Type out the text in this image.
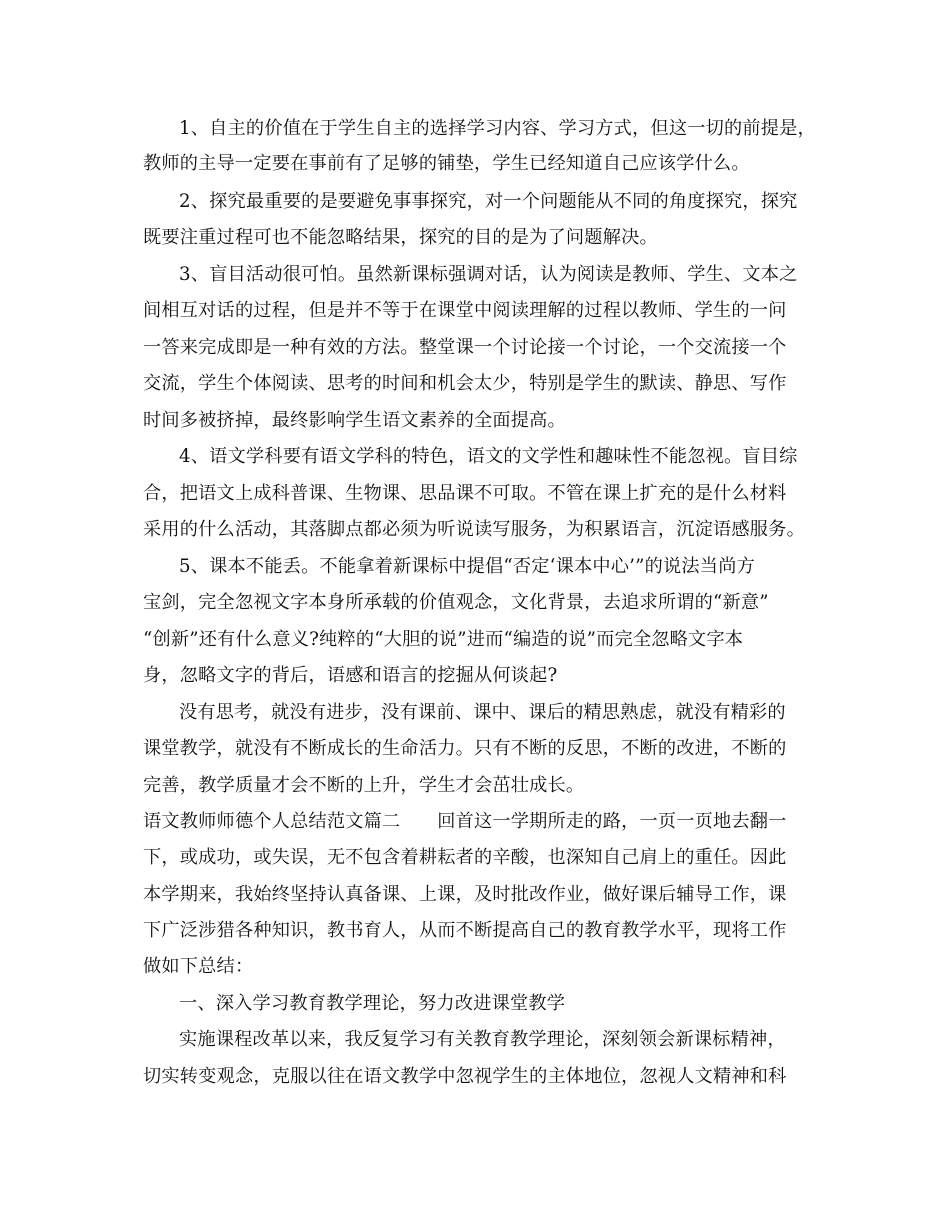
1、自主的价值在于学生自主的选择学习内容、学习方式，但这一切的前提是，
教师的主导一定要在事前有了足够的铺垫，学生已经知道自己应该学什么。
2、探究最重要的是要避免事事探究，对一个问题能从不同的角度探究，探究
既要注重过程可也不能忽略结果，探究的目的是为了问题解决。
3、盲目活动很可怕。虽然新课标强调对话，认为阅读是教师、学生、文本之
间相互对话的过程，但是并不等于在课堂中阅读理解的过程以教师、学生的一问
一答来完成即是一种有效的方法。整堂课一个讨论接一个讨论，一个交流接一个
交流，学生个体阅读、思考的时间和机会太少，特别是学生的默读、静思、写作
时间多被挤掉，最终影响学生语文素养的全面提高。
4、语文学科要有语文学科的特色，语文的文学性和趣味性不能忽视。盲目综
合，把语文上成科普课、生物课、思品课不可取。不管在课上扩充的是什么材料
采用的什么活动，其落脚点都必须为听说读写服务，为积累语言，沉淀语感服务。
5、课本不能丢。不能拿着新课标中提倡“否定‘课本中心’”的说法当尚方
宝剑，完全忽视文字本身所承载的价值观念，文化背景，去追求所谓的“新意”
“创新”还有什么意义?纯粹的“大胆的说”进而“编造的说”而完全忽略文字本
身，忽略文字的背后，语感和语言的挖掘从何谈起?
没有思考，就没有进步，没有课前、课中、课后的精思熟虑，就没有精彩的
课堂教学，就没有不断成长的生命活力。只有不断的反思，不断的改进，不断的
完善，教学质量才会不断的上升，学生才会茁壮成长。
语文教师师德个人总结范文篇二　　回首这一学期所走的路，一页一页地去翻一
下，或成功，或失误，无不包含着耕耘者的辛酸，也深知自己肩上的重任。因此
本学期来，我始终坚持认真备课、上课，及时批改作业，做好课后辅导工作，课
下广泛涉猎各种知识，教书育人，从而不断提高自己的教育教学水平，现将工作
做如下总结：
一、深入学习教育教学理论，努力改进课堂教学
实施课程改革以来，我反复学习有关教育教学理论，深刻领会新课标精神，
切实转变观念，克服以往在语文教学中忽视学生的主体地位，忽视人文精神和科
